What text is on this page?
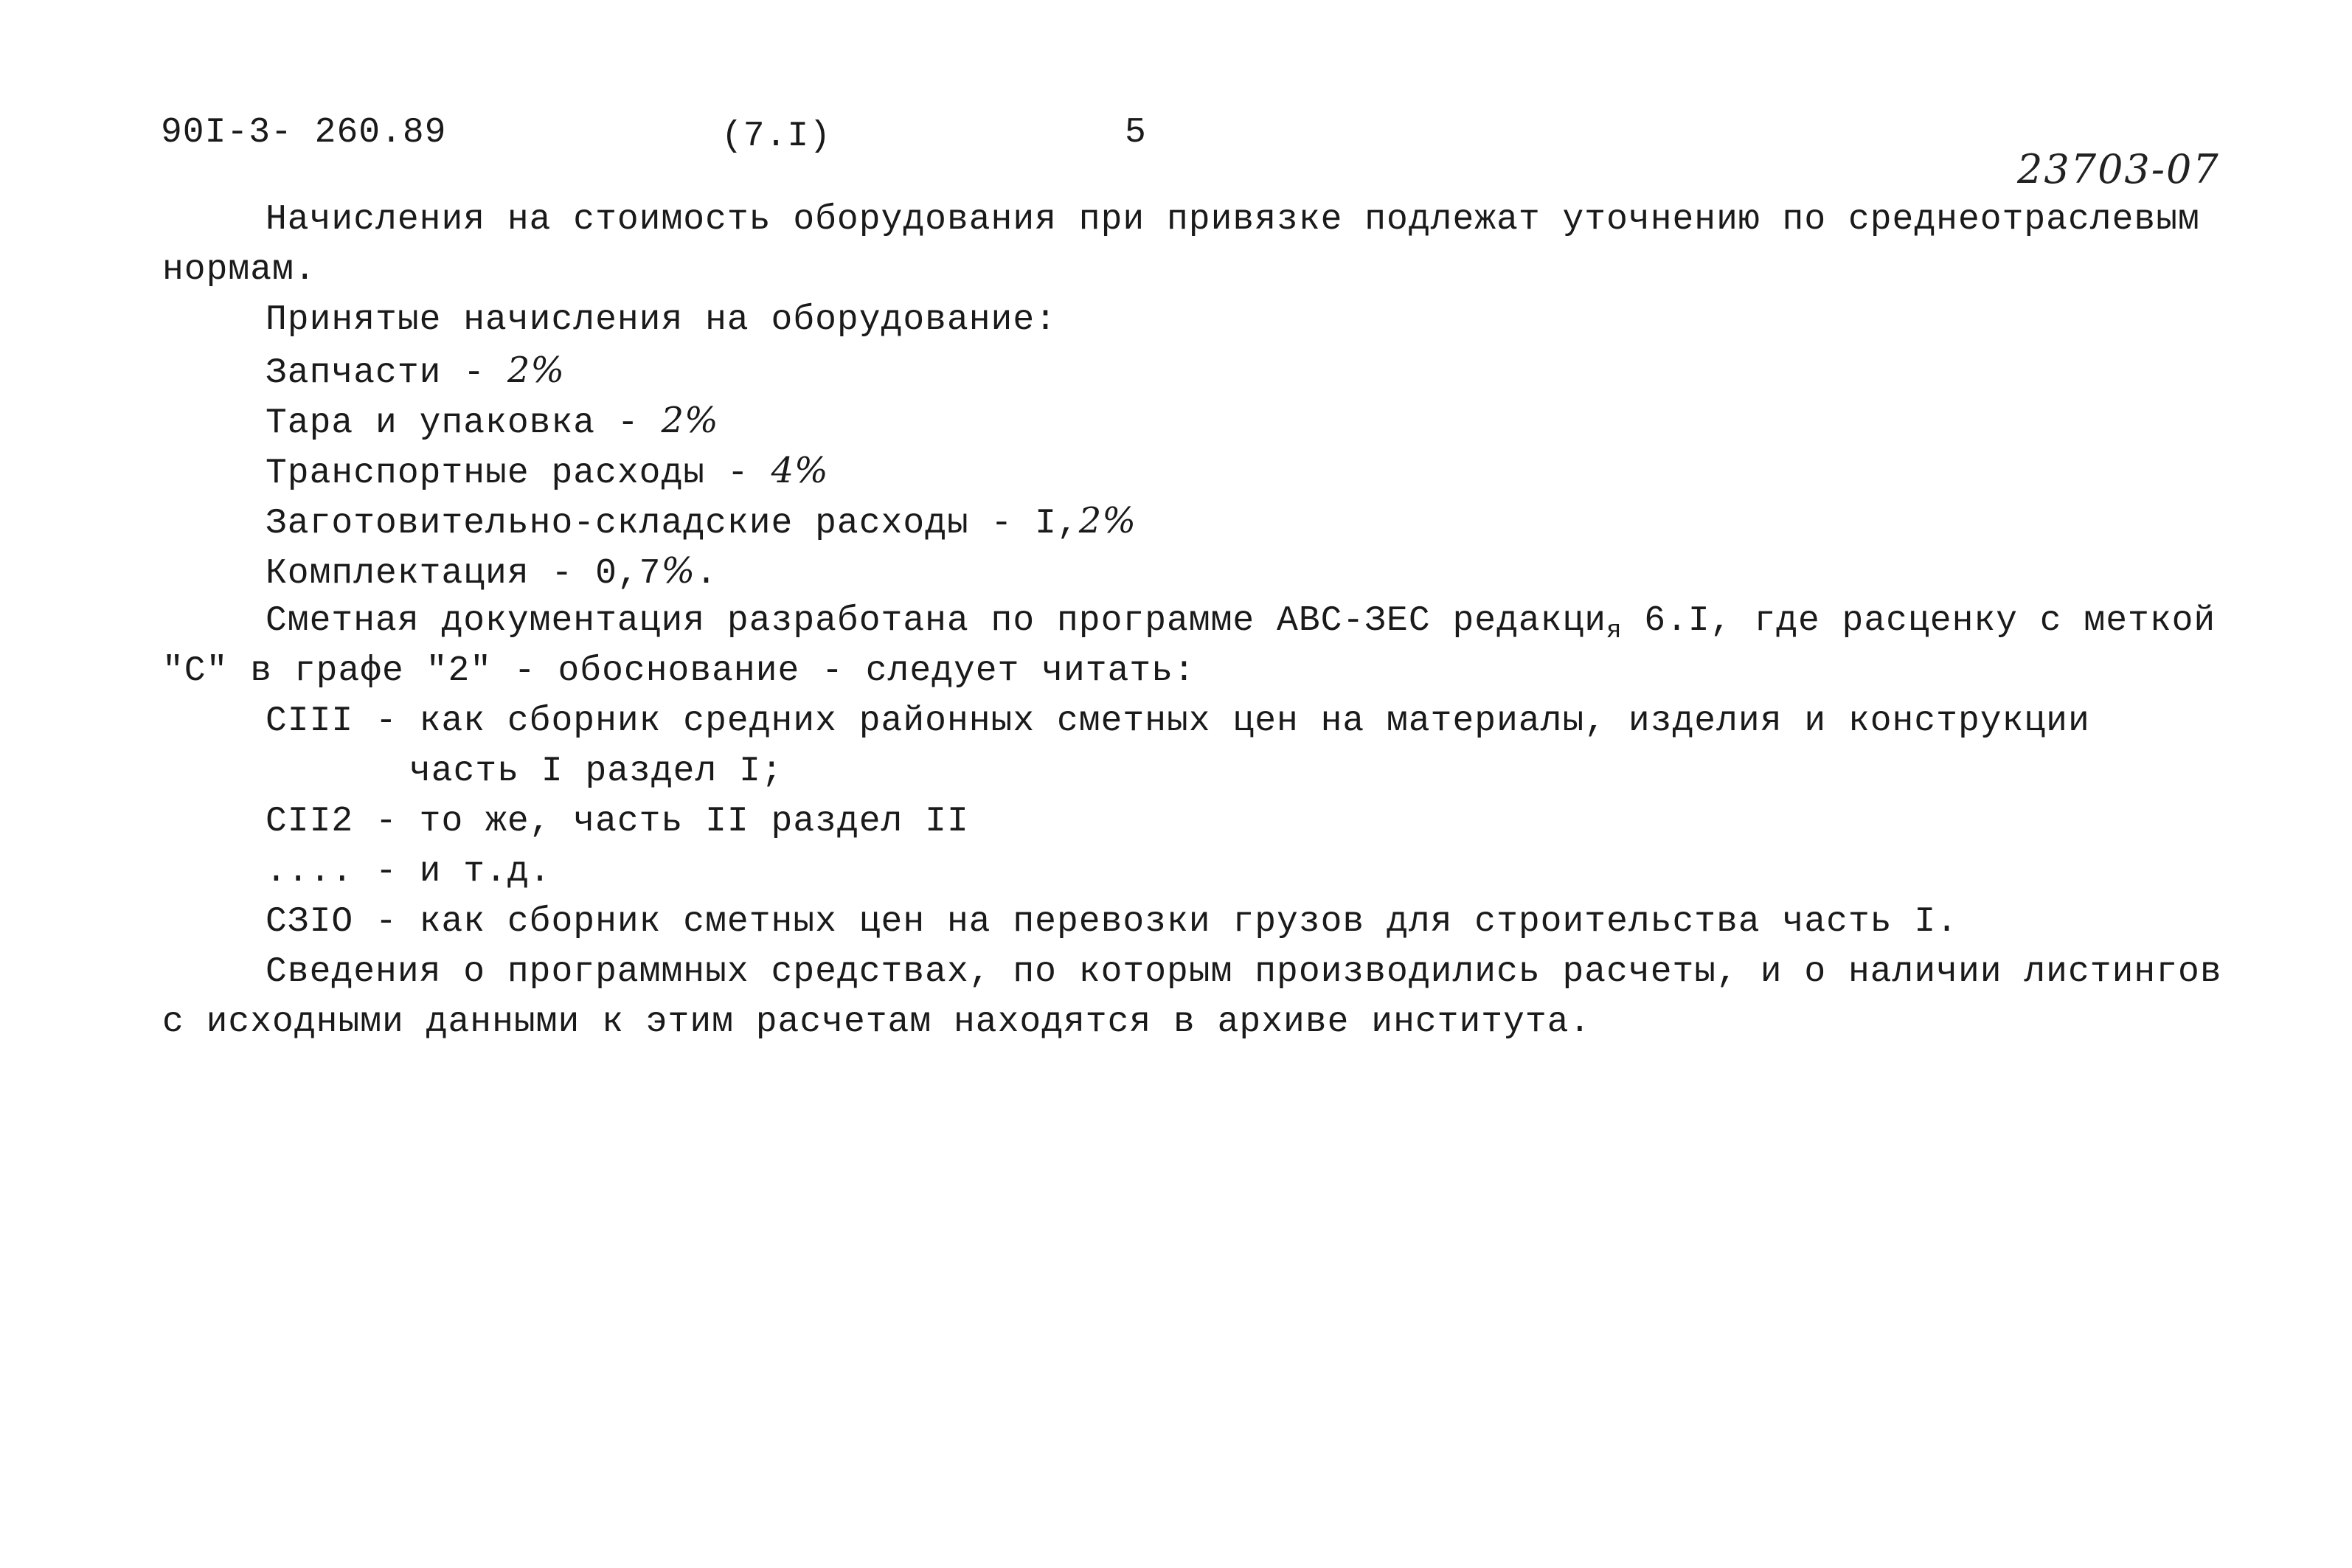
90I-3- 260.89	(7.I)	5
23703-07
Начисления на стоимость оборудования при привязке подлежат уточнению по среднеотраслевым
нормам.
Принятые начисления на оборудование:
Запчасти - 2%
Тара и упаковка - 2%
Транспортные расходы - 4%
Заготовительно-складские расходы - I,2%
Комплектация - 0,7%.
Сметная документация разработана по программе АВС-ЗЕС редакци$_я$ 6.I, где расценку с меткой
"С" в графе "2" - обоснование - следует читать:
СIII - как сборник средних районных сметных цен на материалы, изделия и конструкции
часть I раздел I;
СII2 - то же, часть II раздел II
.... - и т.д.
СЗIО - как сборник сметных цен на перевозки грузов для строительства часть I.
Сведения о программных средствах, по которым производились расчеты, и о наличии листингов
с исходными данными к этим расчетам находятся в архиве института.
